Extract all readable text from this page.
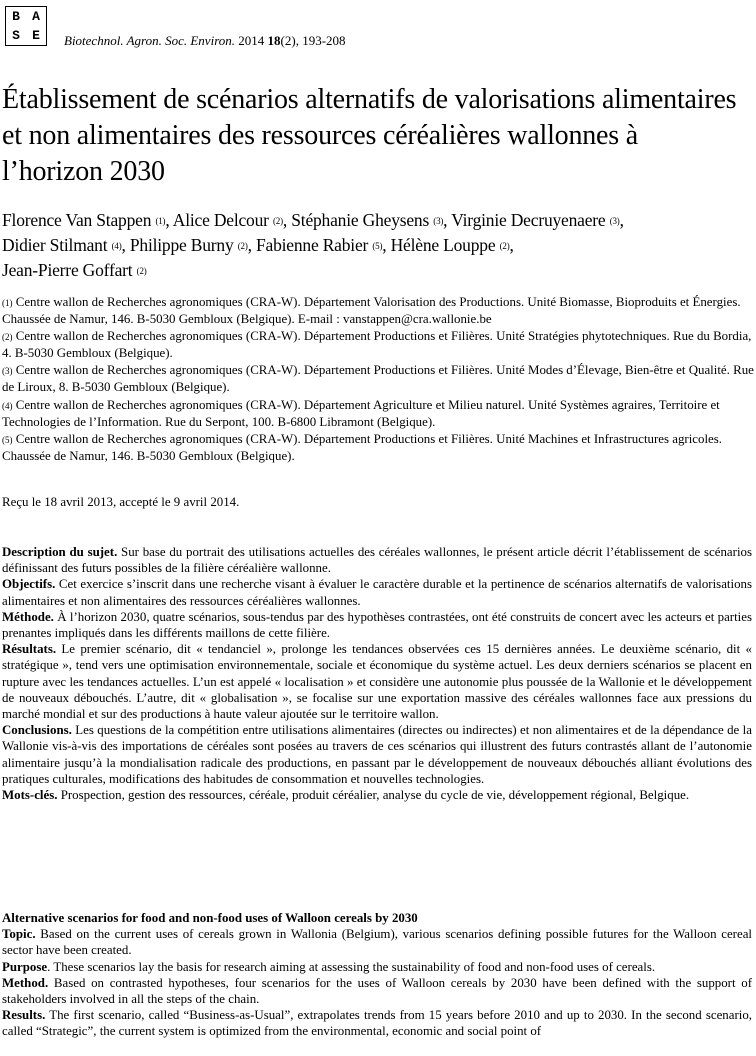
B A
S E	Biotechnol. Agron. Soc. Environ. 2014 18(2), 193-208
Établissement de scénarios alternatifs de valorisations alimentaires et non alimentaires des ressources céréalières wallonnes à l’horizon 2030
Florence Van Stappen $^{(1)}$, Alice Delcour $^{(2)}$, Stéphanie Gheysens $^{(3)}$, Virginie Decruyenaere $^{(3)}$,
Didier Stilmant $^{(4)}$, Philippe Burny $^{(2)}$, Fabienne Rabier $^{(5)}$, Hélène Louppe $^{(2)}$,
Jean-Pierre Goffart $^{(2)}$

$^{(1)}$ Centre wallon de Recherches agronomiques (CRA-W). Département Valorisation des Productions. Unité Biomasse, Bioproduits et Énergies. Chaussée de Namur, 146. B-5030 Gembloux (Belgique). E-mail : vanstappen@cra.wallonie.be

$^{(2)}$ Centre wallon de Recherches agronomiques (CRA-W). Département Productions et Filières. Unité Stratégies phytotechniques. Rue du Bordia, 4. B-5030 Gembloux (Belgique).

$^{(3)}$ Centre wallon de Recherches agronomiques (CRA-W). Département Productions et Filières. Unité Modes d’Élevage, Bien-être et Qualité. Rue de Liroux, 8. B-5030 Gembloux (Belgique).

$^{(4)}$ Centre wallon de Recherches agronomiques (CRA-W). Département Agriculture et Milieu naturel. Unité Systèmes agraires, Territoire et Technologies de l’Information. Rue du Serpont, 100. B-6800 Libramont (Belgique).

$^{(5)}$ Centre wallon de Recherches agronomiques (CRA-W). Département Productions et Filières. Unité Machines et Infrastructures agricoles. Chaussée de Namur, 146. B-5030 Gembloux (Belgique).

Reçu le 18 avril 2013, accepté le 9 avril 2014.

Description du sujet. Sur base du portrait des utilisations actuelles des céréales wallonnes, le présent article décrit l’établissement de scénarios définissant des futurs possibles de la filière céréalière wallonne.

Objectifs. Cet exercice s’inscrit dans une recherche visant à évaluer le caractère durable et la pertinence de scénarios alternatifs de valorisations alimentaires et non alimentaires des ressources céréalières wallonnes.

Méthode. À l’horizon 2030, quatre scénarios, sous-tendus par des hypothèses contrastées, ont été construits de concert avec les acteurs et parties prenantes impliqués dans les différents maillons de cette filière.

Résultats. Le premier scénario, dit « tendanciel », prolonge les tendances observées ces 15 dernières années. Le deuxième scénario, dit « stratégique », tend vers une optimisation environnementale, sociale et économique du système actuel. Les deux derniers scénarios se placent en rupture avec les tendances actuelles. L’un est appelé « localisation » et considère une autonomie plus poussée de la Wallonie et le développement de nouveaux débouchés. L’autre, dit « globalisation », se focalise sur une exportation massive des céréales wallonnes face aux pressions du marché mondial et sur des productions à haute valeur ajoutée sur le territoire wallon.

Conclusions. Les questions de la compétition entre utilisations alimentaires (directes ou indirectes) et non alimentaires et de la dépendance de la Wallonie vis-à-vis des importations de céréales sont posées au travers de ces scénarios qui illustrent des futurs contrastés allant de l’autonomie alimentaire jusqu’à la mondialisation radicale des productions, en passant par le développement de nouveaux débouchés alliant évolutions des pratiques culturales, modifications des habitudes de consommation et nouvelles technologies.

Mots-clés. Prospection, gestion des ressources, céréale, produit céréalier, analyse du cycle de vie, développement régional, Belgique.

Alternative scenarios for food and non-food uses of Walloon cereals by 2030

Topic. Based on the current uses of cereals grown in Wallonia (Belgium), various scenarios defining possible futures for the Walloon cereal sector have been created.

Purpose. These scenarios lay the basis for research aiming at assessing the sustainability of food and non-food uses of cereals.

Method. Based on contrasted hypotheses, four scenarios for the uses of Walloon cereals by 2030 have been defined with the support of stakeholders involved in all the steps of the chain.

Results. The first scenario, called “Business-as-Usual”, extrapolates trends from 15 years before 2010 and up to 2030. In the second scenario, called “Strategic”, the current system is optimized from the environmental, economic and social point of
